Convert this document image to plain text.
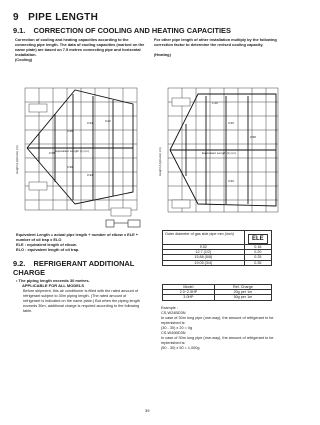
9 PIPE LENGTH
9.1. CORRECTION OF COOLING AND HEATING CAPACITIES
Correction of cooling and heating capacities according to the connecting pipe length. The data of cooling capacities (marked on the name plate) are based on 7.5 metres connecting pipe and horizontal installation.
(Cooling)
For other pipe length of other installation multiply by the following correction factor to determine the revised cooling capacity.
(Heating)
0.98
0.96
0.94	0.92
0.96
0.94
Height (H)(metre) (m)	Equivalent Length (L) (m)
1.00
0.99
0.98
0.99
Height (H)(metre) (m)	Equivalent Length (L) (m)
Equivalent Length = actual pipe length + number of elbow x ELE + number of oil trap x ELO
ELE : equivalent length of elbow.
ELO : equivalent length of oil trap.
9.2. REFRIGERANT ADDITIONAL CHARGE
• The piping length exceeds 30 metres.
APPLICABLE FOR ALL MODELS
Before shipment, this air conditioner is filled with the rated amount of refrigerant subject to 30m piping length. (The rated amount of refrigerant is indicated on the name plate.) But when the piping length exceeds 30m, additional charge is required according to the following table.
Outer diameter of gas side pipe mm (inch)	ELE
9.52	0.18
12.7 (1/2)	0.20
15.88 (5/8)	0.25
19.05 (3/4)	0.35
Model	Ref. Charge
2.0~2.5HP	20g per 1m
3.0HP	50g per 1m
Example :
CS-W24BD3N
In case of 30m long pipe (one-way), the amount of refrigerant to be replenished is:
(30 - 30) x 20 = 0g
CS-W40BD3N
In case of 30m long pipe (one-way), the amount of refrigerant to be replenished is:
(50 - 30) x 50 = 1,000g
39
